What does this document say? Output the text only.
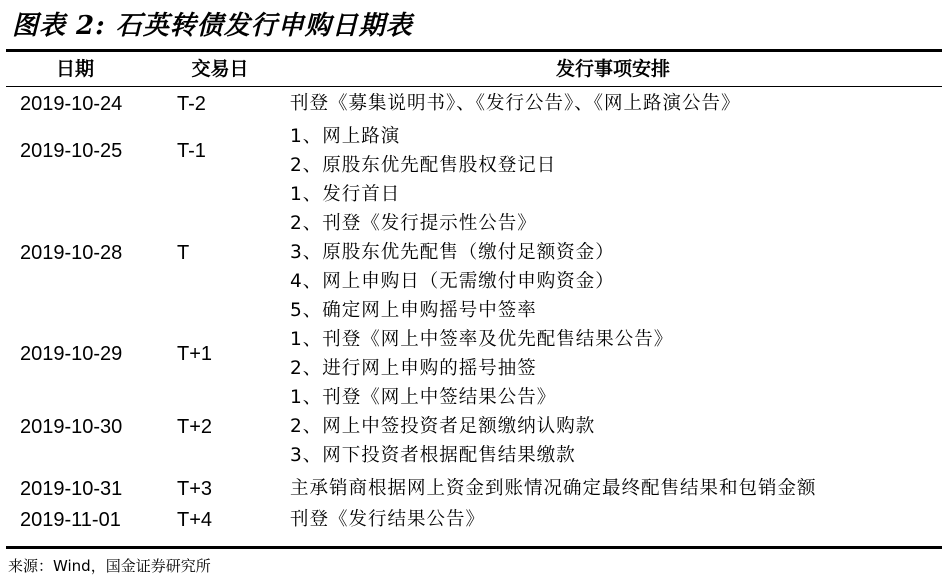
图表 2: 石英转债发行申购日期表
日期	交易日	发行事项安排
2019-10-24	T-2	刊登《募集说明书》、《发行公告》、《网上路演公告》
2019-10-25	T-1
1、网上路演
2、原股东优先配售股权登记日
2019-10-28	T
1、发行首日
2、刊登《发行提示性公告》
3、原股东优先配售（缴付足额资金）
4、网上申购日（无需缴付申购资金）
5、确定网上申购摇号中签率
2019-10-29	T+1
1、刊登《网上中签率及优先配售结果公告》
2、进行网上申购的摇号抽签
2019-10-30	T+2
1、刊登《网上中签结果公告》
2、网上中签投资者足额缴纳认购款
3、网下投资者根据配售结果缴款
2019-10-31	T+3	主承销商根据网上资金到账情况确定最终配售结果和包销金额
2019-11-01	T+4	刊登《发行结果公告》
来源：Wind，国金证券研究所
